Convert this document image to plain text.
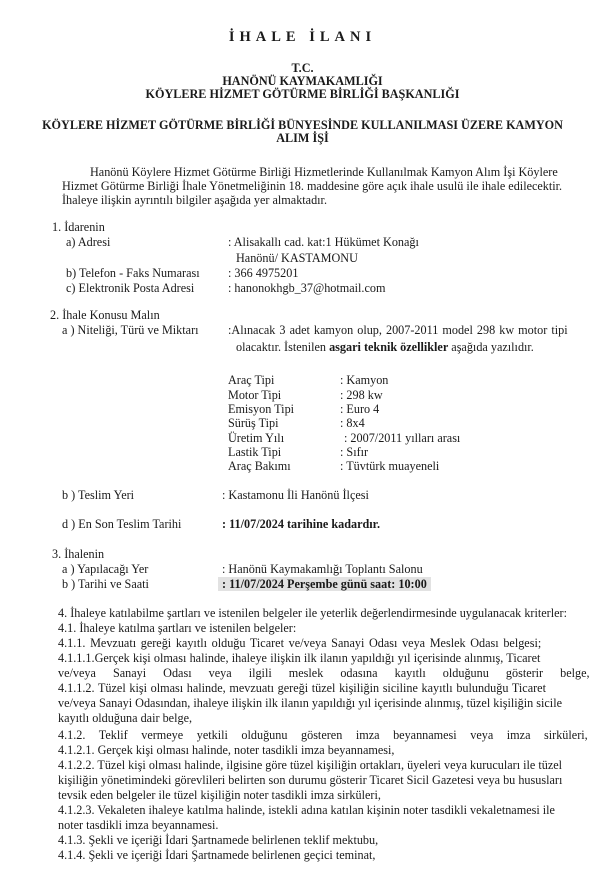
İHALE İLANI
T.C.
HANÖNÜ KAYMAKAMLIĞI
KÖYLERE HİZMET GÖTÜRME BİRLİĞİ BAŞKANLIĞI
KÖYLERE HİZMET GÖTÜRME BİRLİĞİ BÜNYESİNDE KULLANILMASI ÜZERE KAMYON
ALIM İŞİ
Hanönü Köylere Hizmet Götürme Birliği Hizmetlerinde Kullanılmak Kamyon Alım İşi Köylere
Hizmet Götürme Birliği İhale Yönetmeliğinin 18. maddesine göre açık ihale usulü ile ihale edilecektir.
İhaleye ilişkin ayrıntılı bilgiler aşağıda yer almaktadır.
1. İdarenin
a) Adresi	: Alisakallı cad. kat:1 Hükümet Konağı
Hanönü/ KASTAMONU
b) Telefon - Faks Numarası : 366 4975201
c) Elektronik Posta Adresi	: hanonokhgb_37@hotmail.com
2. İhale Konusu Malın
a ) Niteliği, Türü ve Miktarı :Alınacak 3 adet kamyon olup, 2007-2011 model 298 kw motor tipi
olacaktır. İstenilen asgari teknik özellikler aşağıda yazılıdır.
Araç Tipi	: Kamyon
Motor Tipi	: 298 kw
Emisyon Tipi	: Euro 4
Sürüş Tipi	: 8x4
Üretim Yılı	: 2007/2011 yılları arası
Lastik Tipi	: Sıfır
Araç Bakımı	: Tüvtürk muayeneli
b ) Teslim Yeri	: Kastamonu İli Hanönü İlçesi
d ) En Son Teslim Tarihi	: 11/07/2024 tarihine kadardır.
3. İhalenin
a ) Yapılacağı Yer	: Hanönü Kaymakamlığı Toplantı Salonu
b ) Tarihi ve Saati	: 11/07/2024 Perşembe günü saat: 10:00
4. İhaleye katılabilme şartları ve istenilen belgeler ile yeterlik değerlendirmesinde uygulanacak kriterler:
4.1. İhaleye katılma şartları ve istenilen belgeler:
4.1.1. Mevzuatı gereği kayıtlı olduğu Ticaret ve/veya Sanayi Odası veya Meslek Odası belgesi;
4.1.1.1.Gerçek kişi olması halinde, ihaleye ilişkin ilk ilanın yapıldığı yıl içerisinde alınmış, Ticaret
ve/veya Sanayi Odası veya ilgili meslek odasına kayıtlı olduğunu gösterir belge,
4.1.1.2. Tüzel kişi olması halinde, mevzuatı gereği tüzel kişiliğin siciline kayıtlı bulunduğu Ticaret
ve/veya Sanayi Odasından, ihaleye ilişkin ilk ilanın yapıldığı yıl içerisinde alınmış, tüzel kişiliğin sicile
kayıtlı olduğuna dair belge,
4.1.2. Teklif vermeye yetkili olduğunu gösteren imza beyannamesi veya imza sirküleri,
4.1.2.1. Gerçek kişi olması halinde, noter tasdikli imza beyannamesi,
4.1.2.2. Tüzel kişi olması halinde, ilgisine göre tüzel kişiliğin ortakları, üyeleri veya kurucuları ile tüzel
kişiliğin yönetimindeki görevlileri belirten son durumu gösterir Ticaret Sicil Gazetesi veya bu hususları
tevsik eden belgeler ile tüzel kişiliğin noter tasdikli imza sirküleri,
4.1.2.3. Vekaleten ihaleye katılma halinde, istekli adına katılan kişinin noter tasdikli vekaletnamesi ile
noter tasdikli imza beyannamesi.
4.1.3. Şekli ve içeriği İdari Şartnamede belirlenen teklif mektubu,
4.1.4. Şekli ve içeriği İdari Şartnamede belirlenen geçici teminat,
